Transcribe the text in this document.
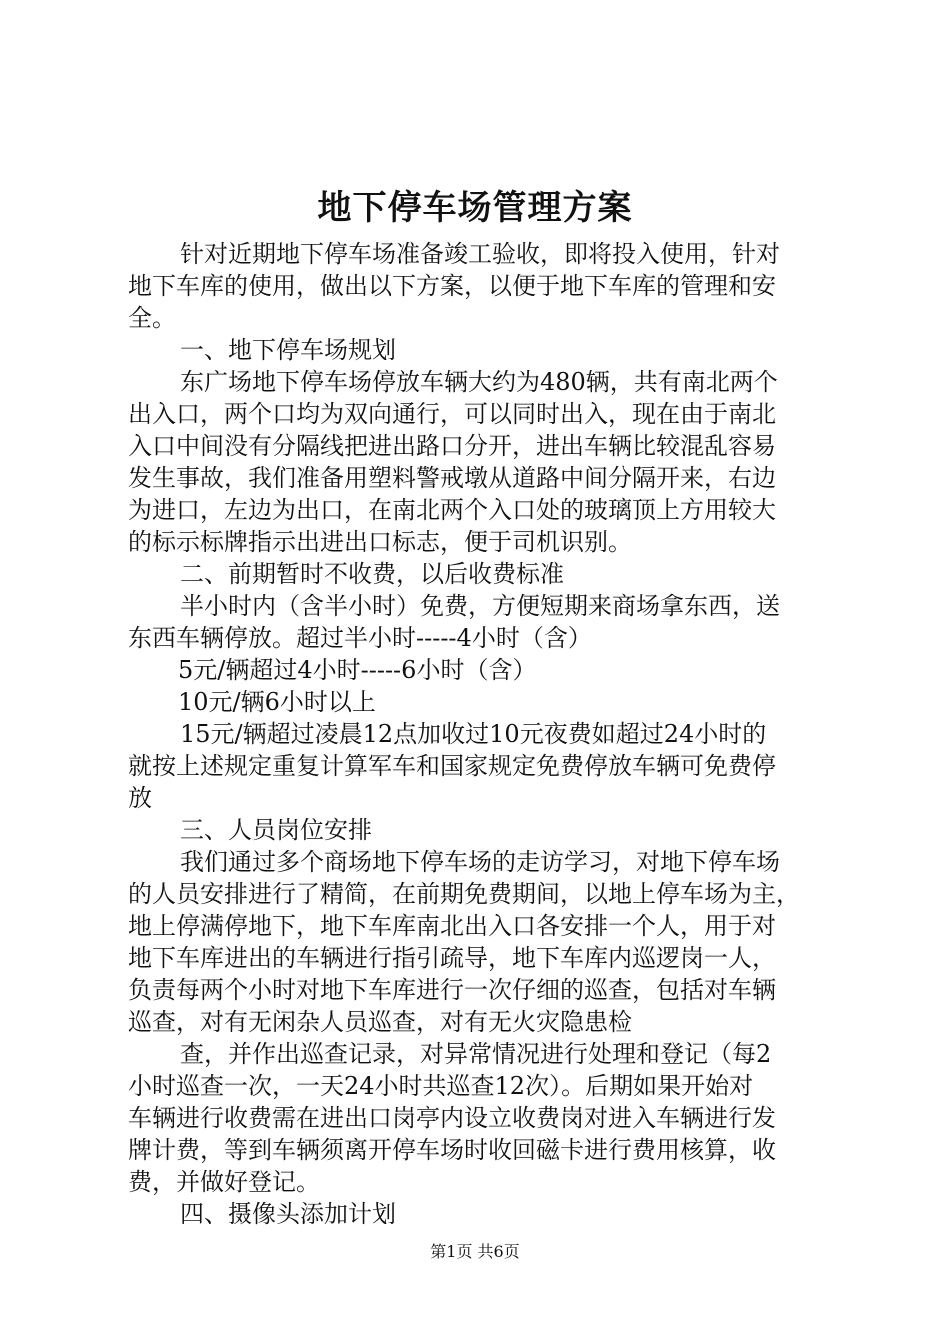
地下停车场管理方案
针对近期地下停车场准备竣工验收，即将投入使用，针对
地下车库的使用，做出以下方案，以便于地下车库的管理和安
全。
一、地下停车场规划
东广场地下停车场停放车辆大约为480辆，共有南北两个
出入口，两个口均为双向通行，可以同时出入，现在由于南北
入口中间没有分隔线把进出路口分开，进出车辆比较混乱容易
发生事故，我们准备用塑料警戒墩从道路中间分隔开来，右边
为进口，左边为出口，在南北两个入口处的玻璃顶上方用较大
的标示标牌指示出进出口标志，便于司机识别。
二、前期暂时不收费，以后收费标准
半小时内（含半小时）免费，方便短期来商场拿东西，送
东西车辆停放。超过半小时-----4小时（含）
5元/辆超过4小时-----6小时（含）
10元/辆6小时以上
15元/辆超过凌晨12点加收过10元夜费如超过24小时的
就按上述规定重复计算军车和国家规定免费停放车辆可免费停
放
三、人员岗位安排
我们通过多个商场地下停车场的走访学习，对地下停车场
的人员安排进行了精简，在前期免费期间，以地上停车场为主，
地上停满停地下，地下车库南北出入口各安排一个人，用于对
地下车库进出的车辆进行指引疏导，地下车库内巡逻岗一人，
负责每两个小时对地下车库进行一次仔细的巡查，包括对车辆
巡查，对有无闲杂人员巡查，对有无火灾隐患检
查，并作出巡查记录，对异常情况进行处理和登记（每2
小时巡查一次，一天24小时共巡查12次）。后期如果开始对
车辆进行收费需在进出口岗亭内设立收费岗对进入车辆进行发
牌计费，等到车辆须离开停车场时收回磁卡进行费用核算，收
费，并做好登记。
四、摄像头添加计划
第1页 共6页
